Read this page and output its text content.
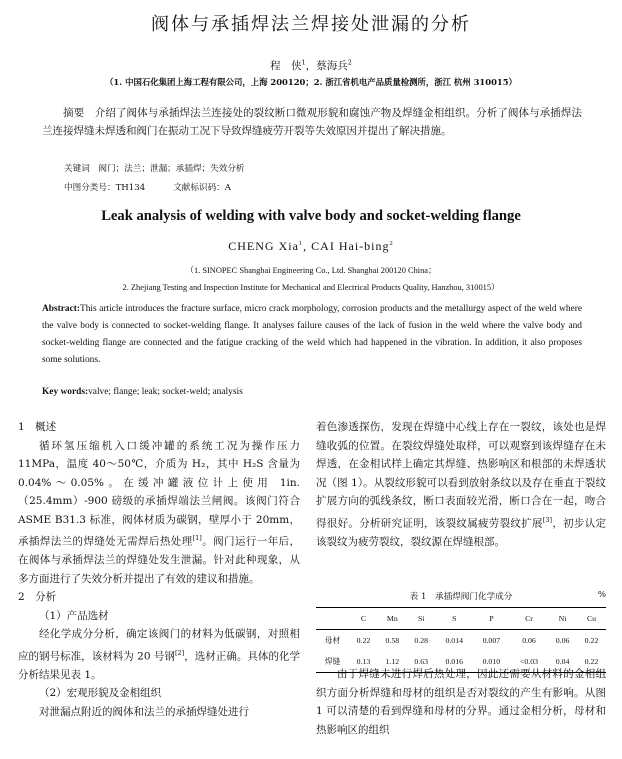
阀体与承插焊法兰焊接处泄漏的分析
程　侠$^1$，蔡海兵$^2$
（1. 中国石化集团上海工程有限公司，上海 200120；2. 浙江省机电产品质量检测所，浙江 杭州 310015）
摘要　 介绍了阀体与承插焊法兰连接处的裂纹断口微观形貌和腐蚀产物及焊缝金相组织。分析了阀体与承插焊法兰连接焊缝未焊透和阀门在振动工况下导致焊缝疲劳开裂等失效原因并提出了解决措施。
关键词　 阀门；法兰；泄漏；承插焊；失效分析
中图分类号：TH134	文献标识码：A
Leak analysis of welding with valve body and socket-welding flange
CHENG Xia$^1$, CAI Hai-bing$^2$
（1. SINOPEC Shanghai Engineering Co., Ltd. Shanghai 200120 China；
2. Zhejiang Testing and Inspection Institute for Mechanical and Electrical Products Quality, Hanzhou, 310015）
Abstract:This article introduces the fracture surface, micro crack morphology, corrosion products and the metallurgy aspect of the weld where the valve body is connected to socket-welding flange. It analyses failure causes of the lack of fusion in the weld where the valve body and socket-welding flange are connected and the fatigue cracking of the weld which had happened in the vibration. In addition, it also proposes some solutions.
Key words:valve; flange; leak; socket-weld; analysis

1　概述

循环氢压缩机入口缓冲罐的系统工况为操作压力 11MPa，温度 40～50℃，介质为 H₂，其中 H₂S 含量为 0.04%～0.05%。在缓冲罐液位计上使用 1in.（25.4mm）-900 磅级的承插焊端法兰闸阀。该阀门符合 ASME B31.3 标准，阀体材质为碳钢，壁厚小于 20mm，承插焊法兰的焊缝处无需焊后热处理[1]。阀门运行一年后，在阀体与承插焊法兰的焊缝处发生泄漏。针对此种现象，从多方面进行了失效分析并提出了有效的建议和措施。

2　分析

（1）产品选材

经化学成分分析，确定该阀门的材料为低碳钢，对照相应的钢号标准，该材料为 20 号钢[2]，选材正确。具体的化学分析结果见表 1。

（2）宏观形貌及金相组织

对泄漏点附近的阀体和法兰的承插焊缝处进行

着色渗透探伤，发现在焊缝中心线上存在一裂纹，该处也是焊缝收弧的位置。在裂纹焊缝处取样，可以观察到该焊缝存在未焊透，在金相试样上确定其焊缝、热影响区和根部的未焊透状况（图 1）。从裂纹形貌可以看到放射条纹以及存在垂直于裂纹扩展方向的弧线条纹，断口表面较光滑，断口合在一起，吻合得很好。分析研究证明，该裂纹属疲劳裂纹扩展[3]，初步认定该裂纹为疲劳裂纹，裂纹源在焊缝根部。

表 1　承插焊阀门化学成分	%
	C	Mn	Si	S	P	Cr	Ni	Cu
母材	0.22	0.58	0.28	0.014	0.007	0.06	0.06	0.22
焊缝	0.13	1.12	0.63	0.016	0.010	<0.03	0.04	0.22

由于焊缝未进行焊后热处理，因此还需要从材料的金相组织方面分析焊缝和母材的组织是否对裂纹的产生有影响。从图 1 可以清楚的看到焊缝和母材的分界。通过金相分析，母材和热影响区的组织
